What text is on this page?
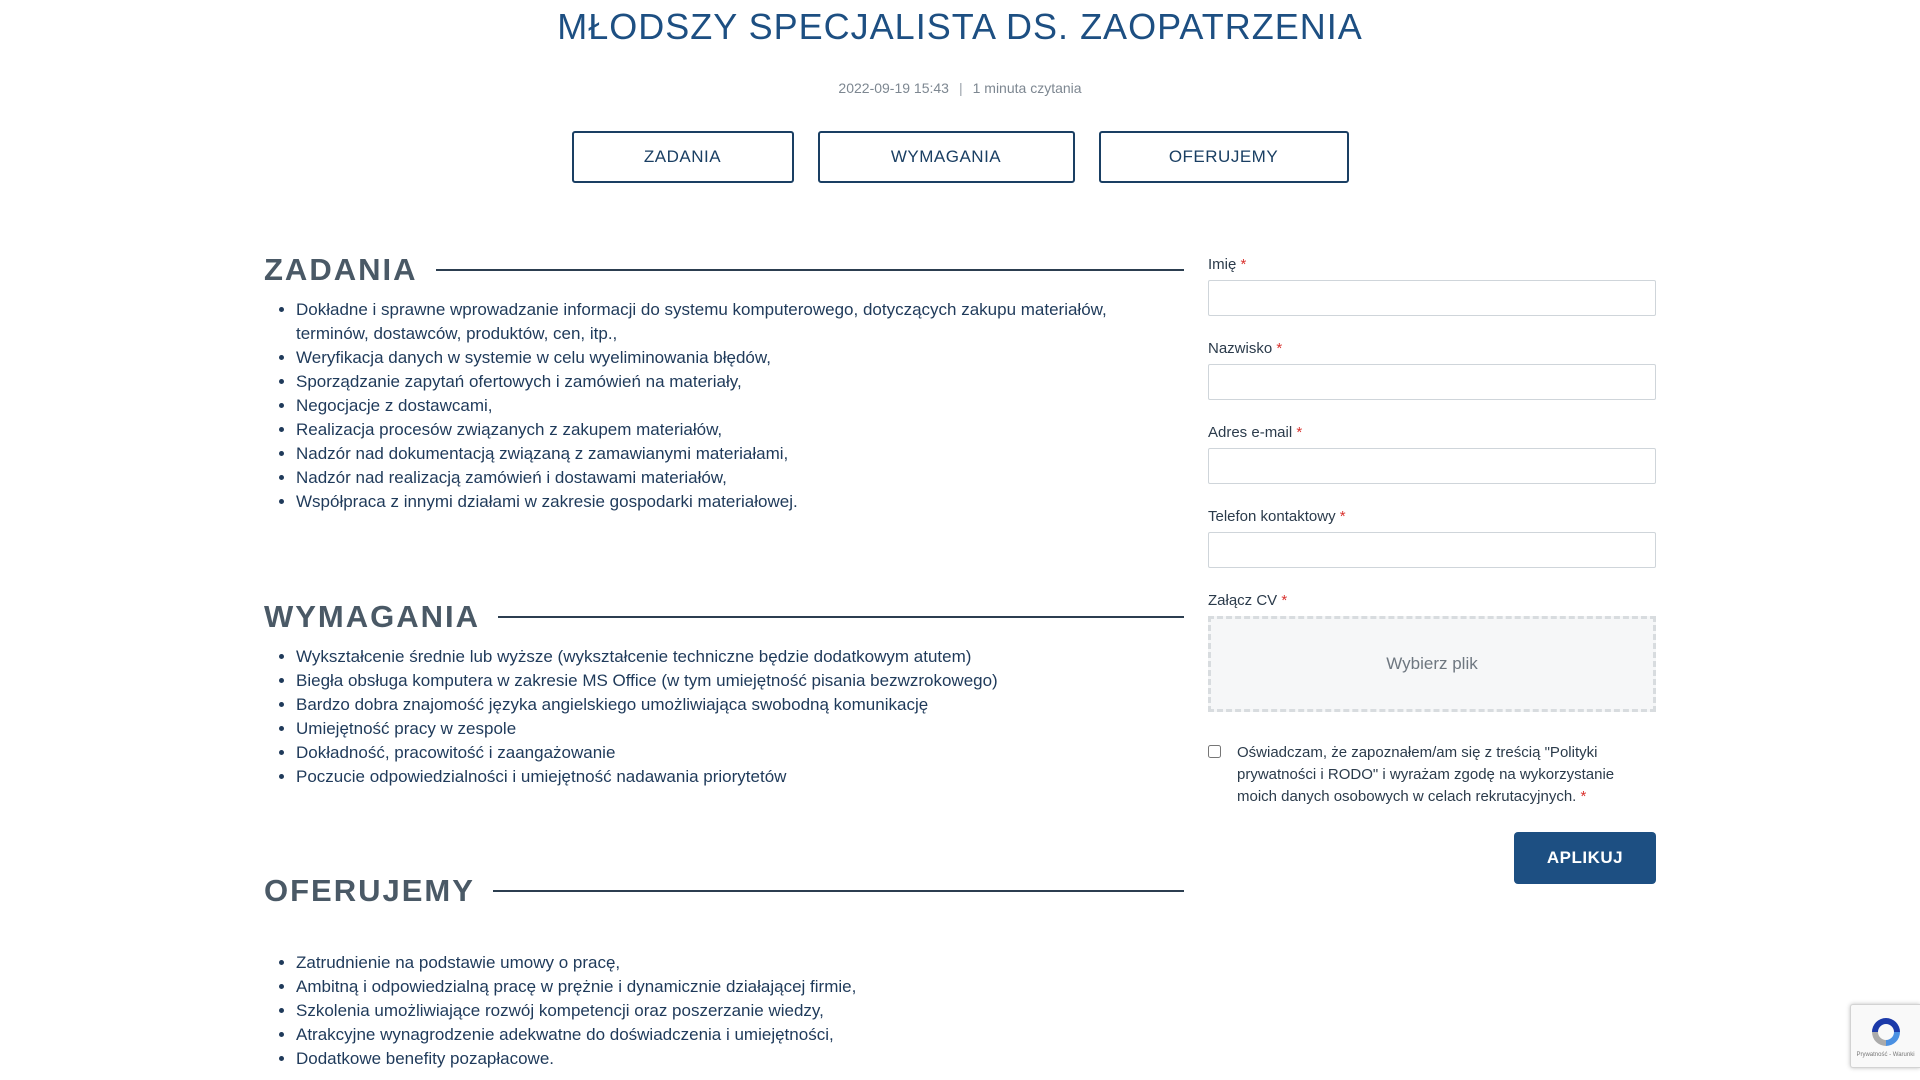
MŁODSZY SPECJALISTA DS. ZAOPATRZENIA
2022-09-19 15:43 | 1 minuta czytania
ZADANIA	WYMAGANIA	OFERUJEMY
ZADANIA
• Dokładne i sprawne wprowadzanie informacji do systemu komputerowego, dotyczących zakupu materiałów, terminów, dostawców, produktów, cen, itp.,
• Weryfikacja danych w systemie w celu wyeliminowania błędów,
• Sporządzanie zapytań ofertowych i zamówień na materiały,
• Negocjacje z dostawcami,
• Realizacja procesów związanych z zakupem materiałów,
• Nadzór nad dokumentacją związaną z zamawianymi materiałami,
• Nadzór nad realizacją zamówień i dostawami materiałów,
• Współpraca z innymi działami w zakresie gospodarki materiałowej.
WYMAGANIA
• Wykształcenie średnie lub wyższe (wykształcenie techniczne będzie dodatkowym atutem)
• Biegła obsługa komputera w zakresie MS Office (w tym umiejętność pisania bezwzrokowego)
• Bardzo dobra znajomość języka angielskiego umożliwiająca swobodną komunikację
• Umiejętność pracy w zespole
• Dokładność, pracowitość i zaangażowanie
• Poczucie odpowiedzialności i umiejętność nadawania priorytetów
OFERUJEMY
• Zatrudnienie na podstawie umowy o pracę,
• Ambitną i odpowiedzialną pracę w prężnie i dynamicznie działającej firmie,
• Szkolenia umożliwiające rozwój kompetencji oraz poszerzanie wiedzy,
• Atrakcyjne wynagrodzenie adekwatne do doświadczenia i umiejętności,
• Dodatkowe benefity pozapłacowe.
Imię *
Nazwisko *
Adres e-mail *
Telefon kontaktowy *
Załącz CV *
Wybierz plik

Oświadczam, że zapoznałem/am się z treścią "Polityki prywatności i RODO" i wyrażam zgodę na wykorzystanie moich danych osobowych w celach rekrutacyjnych. *

APLIKUJ
Prywatność - Warunki
